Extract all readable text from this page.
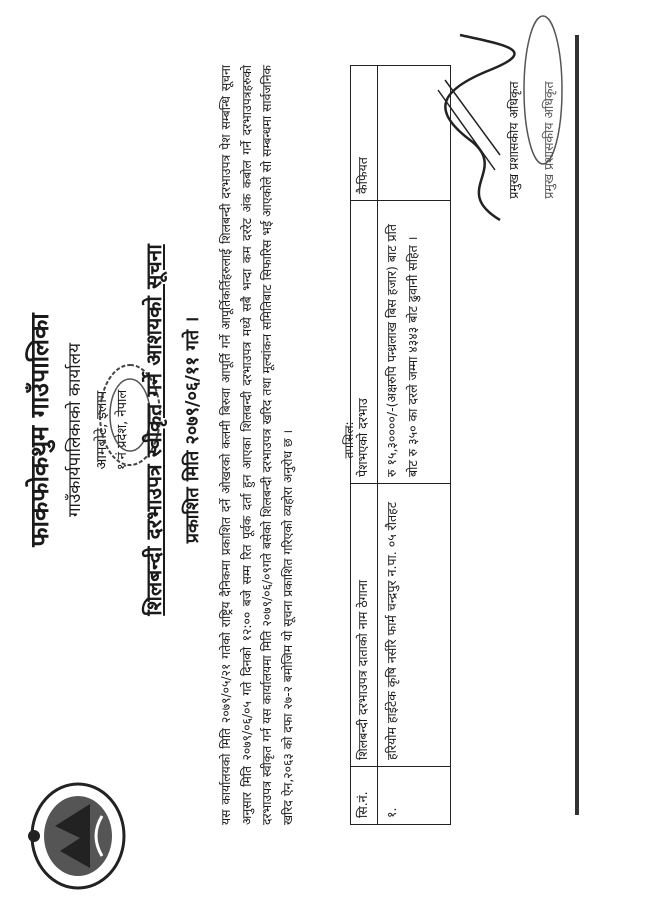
फाकफोकथुम गाउँपालिका गाउँकार्यपालिकाको कार्यालय आमबोटे, इलाम १ नं प्रदेश, नेपाल शिलबन्दी दरभाउपत्र स्वीकृत गर्ने आशयको सूचना प्रकाशित मिति २०७९/०६/११ गते । यस कार्यालयको मिति २०७९/०५/२१ गतेको राष्ट्रिय दैनिकमा प्रकाशित दर्ने ओखरको कलमी बिरुवा आपूर्ति गर्ने आपूर्तिकर्तिहरुलाई शिलबन्दी दरभाउपत्र पेश सम्बन्धि सूचना अनुसार मिति २०७९/०६/०५ गते दिनको १२:०० बजे सम्म रित पूर्वक दर्ता हुन आएका शिलबन्दी दरभाउपत्र मध्ये सबै भन्दा कम दररेट अंक कबोल गर्ने दरभाउपत्रहरुको दरभाउपत्र स्वीकृत गर्न यस कार्यालयमा मिति २०७९/०६/०९गते बसेको शिलबन्दी दरभाउपत्र खरिद तथा मूल्यांकन समितिबाट सिफारिस भई आएकोले सो सम्बन्धमा सार्वजनिक खरिद ऐन,२०६३ को दफा २७-२ बमोजिम यो सूचना प्रकाशित गरिएको व्यहोरा अनुरोध छ ।	तपसिल:
सि.नं.	शिलबन्दी दरभाउपत्र दाताको नाम ठेगाना	पेशभएको दरभाउ	कैफियत
१.	हरियोम हाईटेक कृषि नर्सरि फार्म चन्द्रपुर न.पा. ०५ रौतहट	रु १५,३००००/-(अक्षरुपि पन्ध्रलाख बिस हजार) बाट प्रति बोट रु ३५० का दरले जम्मा ४३४३ बोट ढुवानी सहित ।	
प्रमुख प्रशासकीय अधिकृत प्रमुख प्रशासकीय अधिकृत
